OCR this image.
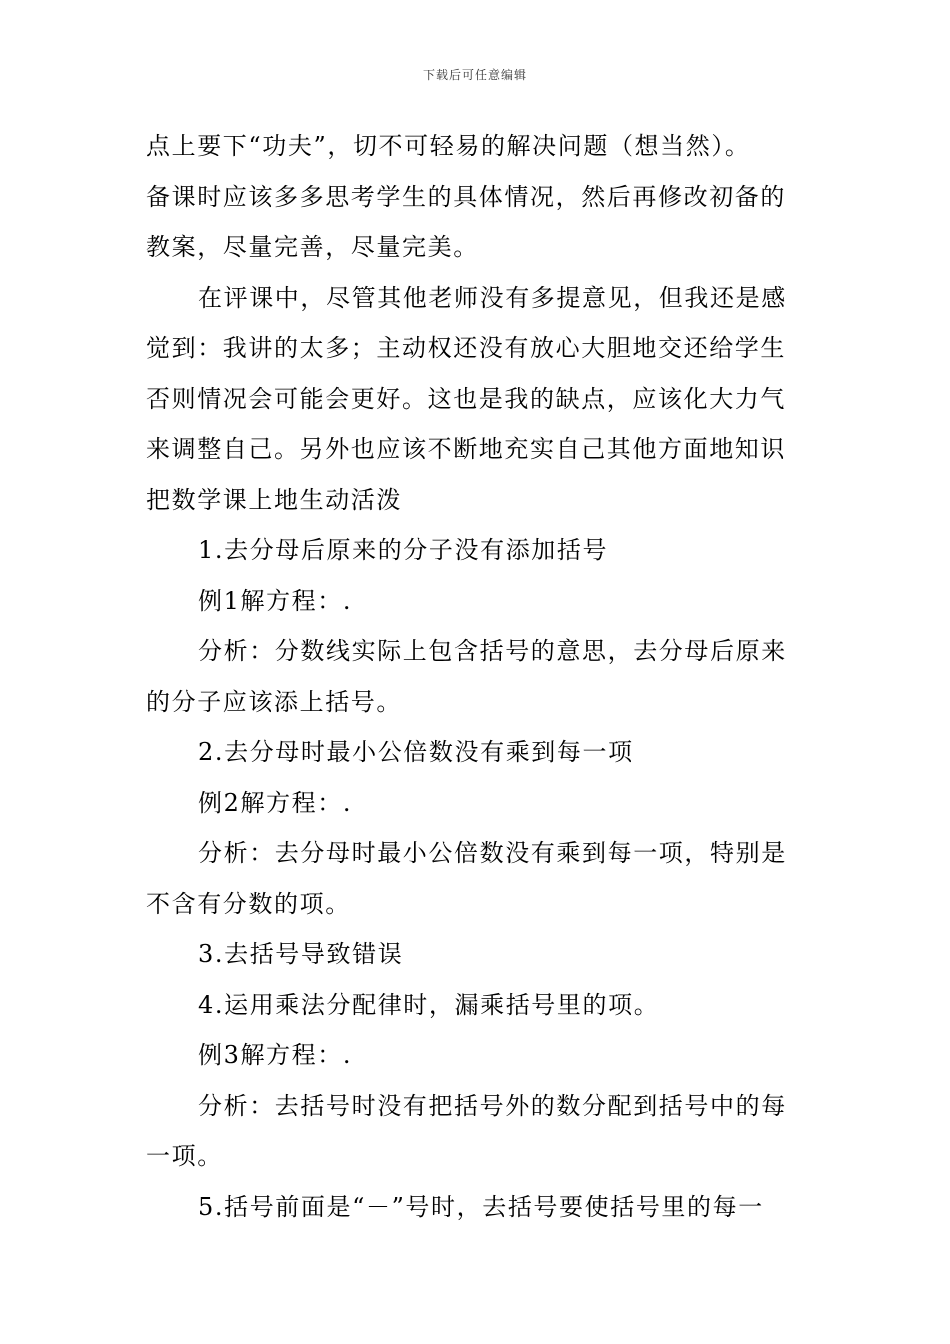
下载后可任意编辑

点上要下“功夫”，切不可轻易的解决问题（想当然）。
备课时应该多多思考学生的具体情况，然后再修改初备的
教案，尽量完善，尽量完美。

在评课中，尽管其他老师没有多提意见，但我还是感
觉到：我讲的太多；主动权还没有放心大胆地交还给学生
否则情况会可能会更好。这也是我的缺点，应该化大力气
来调整自己。另外也应该不断地充实自己其他方面地知识
把数学课上地生动活泼

1.去分母后原来的分子没有添加括号

例1解方程：.

分析：分数线实际上包含括号的意思，去分母后原来
的分子应该添上括号。

2.去分母时最小公倍数没有乘到每一项

例2解方程：.

分析：去分母时最小公倍数没有乘到每一项，特别是
不含有分数的项。

3.去括号导致错误

4.运用乘法分配律时，漏乘括号里的项。

例3解方程：.

分析：去括号时没有把括号外的数分配到括号中的每
一项。

5.括号前面是“－”号时，去括号要使括号里的每一
